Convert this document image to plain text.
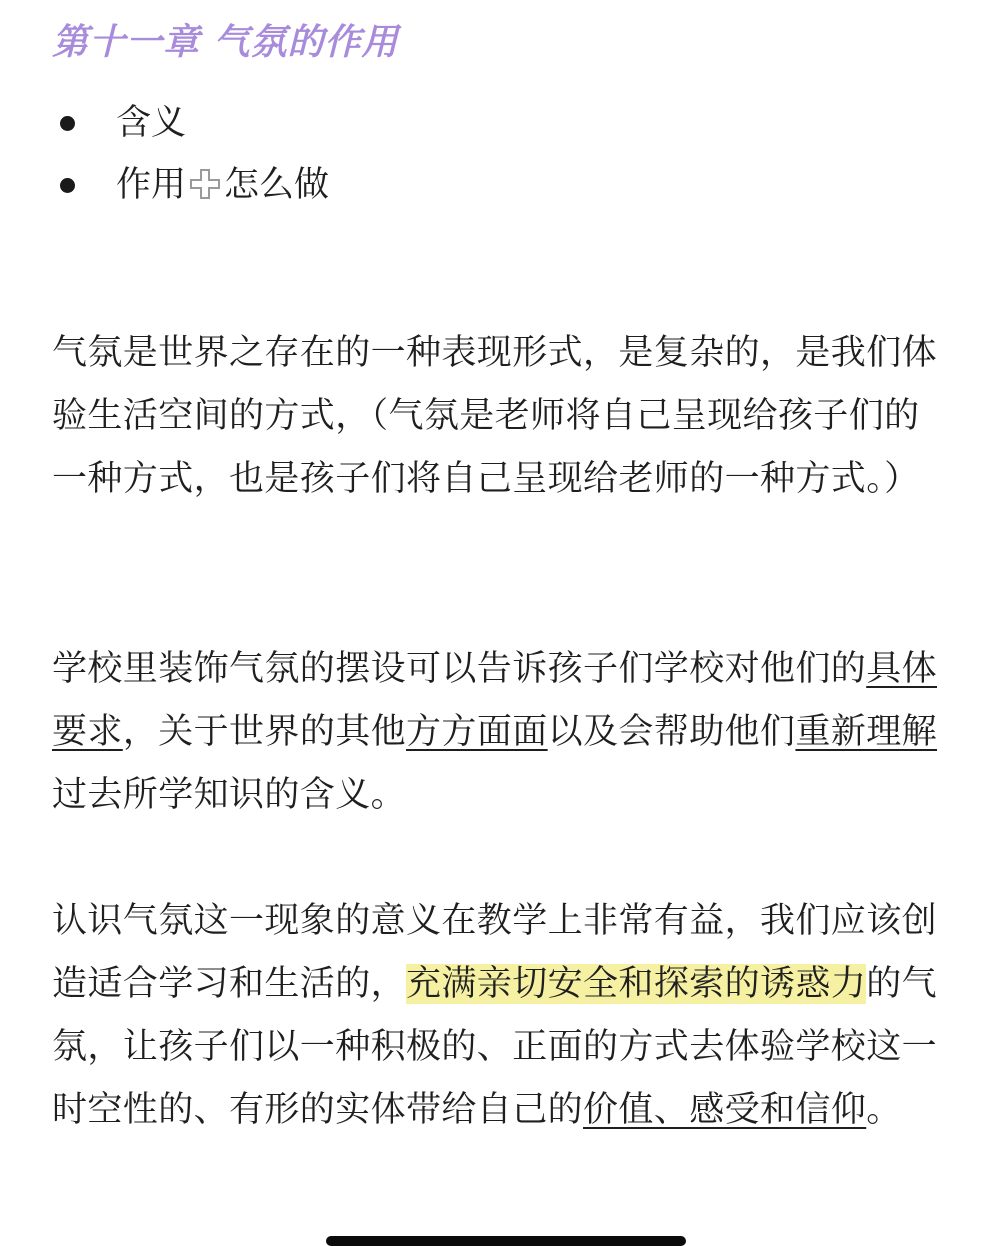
第十一章 气氛的作用
含义
作用 怎么做

气氛是世界之存在的一种表现形式，是复杂的，是我们体验生活空间的方式，（气氛是老师将自己呈现给孩子们的一种方式，也是孩子们将自己呈现给老师的一种方式。）

学校里装饰气氛的摆设可以告诉孩子们学校对他们的具体要求，关于世界的其他方方面面以及会帮助他们重新理解过去所学知识的含义。

认识气氛这一现象的意义在教学上非常有益，我们应该创造适合学习和生活的，充满亲切安全和探索的诱惑力的气氛，让孩子们以一种积极的、正面的方式去体验学校这一时空性的、有形的实体带给自己的价值、感受和信仰。
